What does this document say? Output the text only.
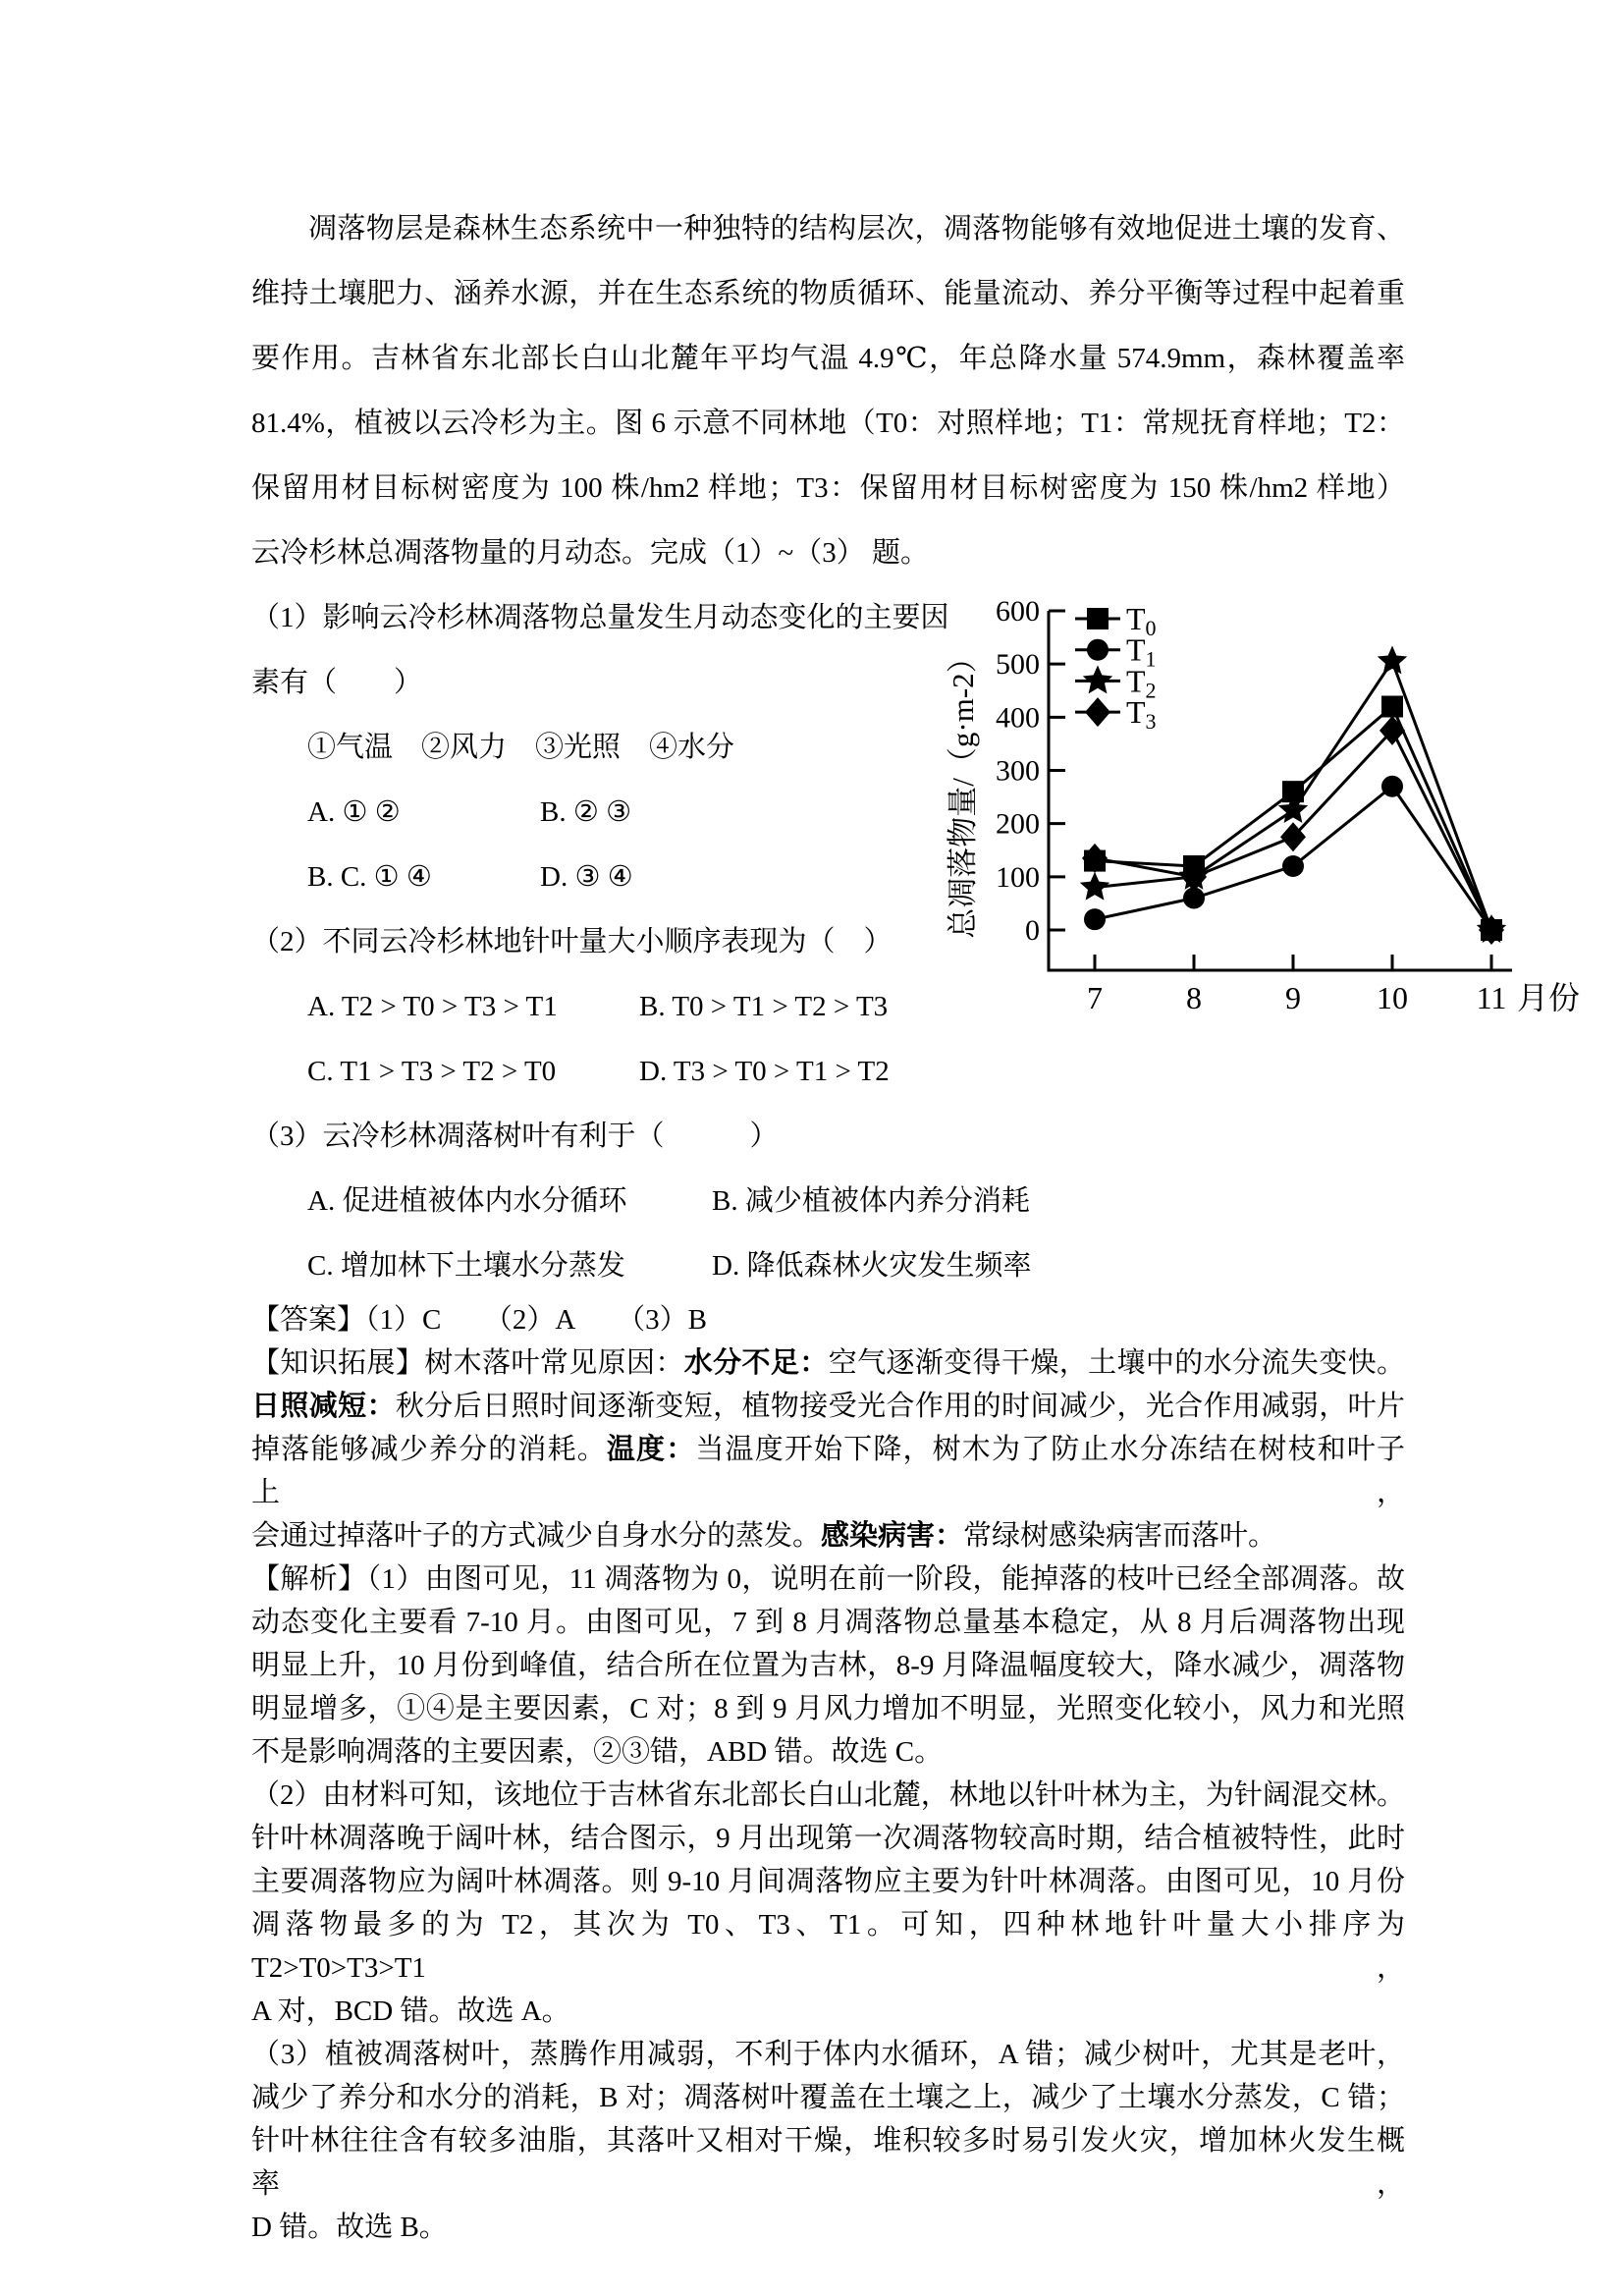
凋落物层是森林生态系统中一种独特的结构层次，凋落物能够有效地促进土壤的发育、
维持土壤肥力、涵养水源，并在生态系统的物质循环、能量流动、养分平衡等过程中起着重
要作用。吉林省东北部长白山北麓年平均气温 4.9℃，年总降水量 574.9mm，森林覆盖率
81.4%，植被以云冷杉为主。图 6 示意不同林地（T0：对照样地；T1：常规抚育样地；T2：
保留用材目标树密度为 100 株/hm2 样地；T3：保留用材目标树密度为 150 株/hm2 样地）
云冷杉林总凋落物量的月动态。完成（1）~（3） 题。
（1）影响云冷杉林凋落物总量发生月动态变化的主要因
素有（　　）
①气温　②风力　③光照　④水分
A. ① ②	B. ② ③
B. C. ① ④	D. ③ ④
（2）不同云冷杉林地针叶量大小顺序表现为（　）
A. T2 > T0 > T3 > T1	B. T0 > T1 > T2 > T3
C. T1 > T3 > T2 > T0	D. T3 > T0 > T1 > T2
（3）云冷杉林凋落树叶有利于（　　　）
A. 促进植被体内水分循环	B. 减少植被体内养分消耗
C. 增加林下土壤水分蒸发	D. 降低森林火灾发生频率
【答案】（1）C　　（2）A　　（3）B
【知识拓展】树木落叶常见原因：水分不足：空气逐渐变得干燥，土壤中的水分流失变快。
日照减短：秋分后日照时间逐渐变短，植物接受光合作用的时间减少，光合作用减弱，叶片
掉落能够减少养分的消耗。温度：当温度开始下降，树木为了防止水分冻结在树枝和叶子上，
会通过掉落叶子的方式减少自身水分的蒸发。感染病害：常绿树感染病害而落叶。
【解析】（1）由图可见，11 凋落物为 0，说明在前一阶段，能掉落的枝叶已经全部凋落。故
动态变化主要看 7-10 月。由图可见，7 到 8 月凋落物总量基本稳定，从 8 月后凋落物出现
明显上升，10 月份到峰值，结合所在位置为吉林，8-9 月降温幅度较大，降水减少，凋落物
明显增多，①④是主要因素，C 对；8 到 9 月风力增加不明显，光照变化较小，风力和光照
不是影响凋落的主要因素，②③错，ABD 错。故选 C。
（2）由材料可知，该地位于吉林省东北部长白山北麓，林地以针叶林为主，为针阔混交林。
针叶林凋落晚于阔叶林，结合图示，9 月出现第一次凋落物较高时期，结合植被特性，此时
主要凋落物应为阔叶林凋落。则 9-10 月间凋落物应主要为针叶林凋落。由图可见，10 月份
凋落物最多的为 T2，其次为 T0、T3、T1。可知，四种林地针叶量大小排序为 T2>T0>T3>T1，
A 对，BCD 错。故选 A。
（3）植被凋落树叶，蒸腾作用减弱，不利于体内水循环，A 错；减少树叶，尤其是老叶，
减少了养分和水分的消耗，B 对；凋落树叶覆盖在土壤之上，减少了土壤水分蒸发，C 错；
针叶林往往含有较多油脂，其落叶又相对干燥，堆积较多时易引发火灾，增加林火发生概率，
D 错。故选 B。
0
100
200
300
400
500
600
7	8	9 10 11 月份
总凋落物量/（g·m-2）
T0
T1
T2
T3
